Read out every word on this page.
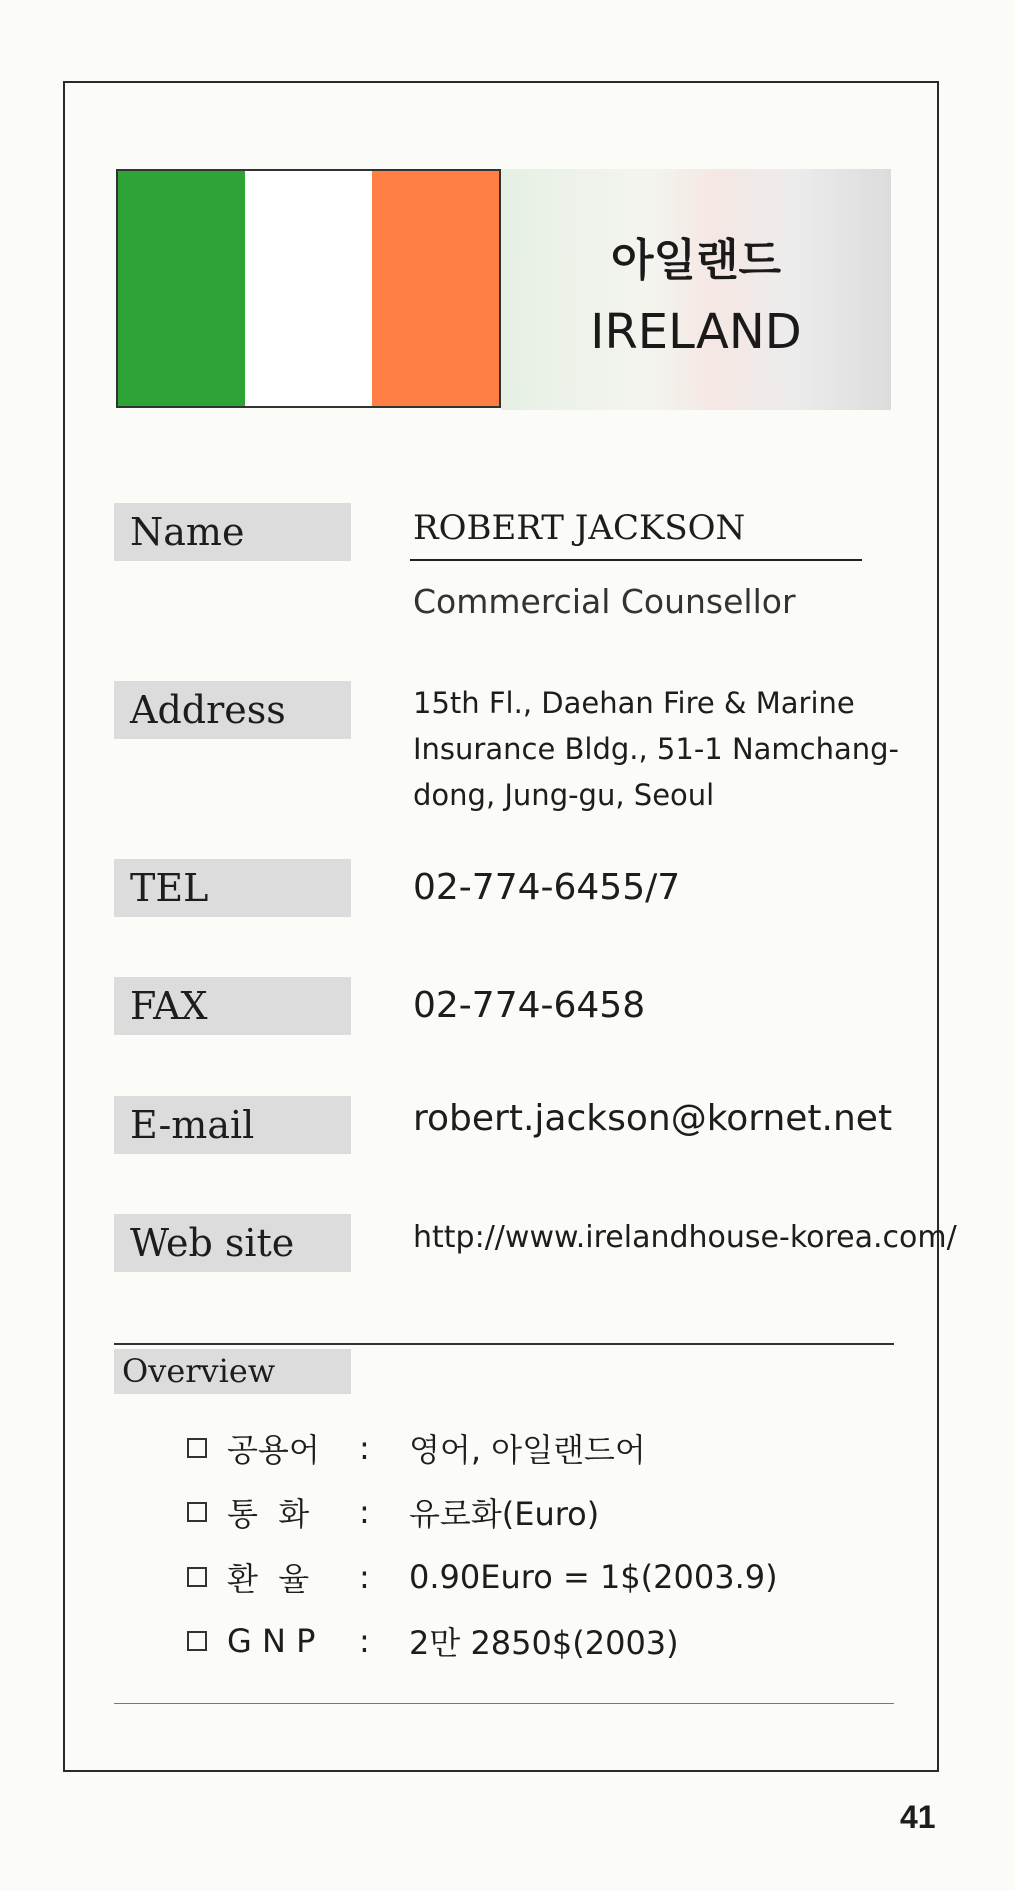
아일랜드
IRELAND
Name	ROBERT JACKSON
Commercial Counsellor
Address	15th Fl., Daehan Fire & Marine Insurance Bldg., 51-1 Namchang-dong, Jung-gu, Seoul
TEL	02-774-6455/7
FAX	02-774-6458
E-mail	robert.jackson@kornet.net
Web site	http://www.irelandhouse-korea.com/
Overview
공용어	:	영어, 아일랜드어
통  화	:	유로화(Euro)
환  율	:	0.90Euro = 1$(2003.9)
G N P	:	2만 2850$(2003)
41
